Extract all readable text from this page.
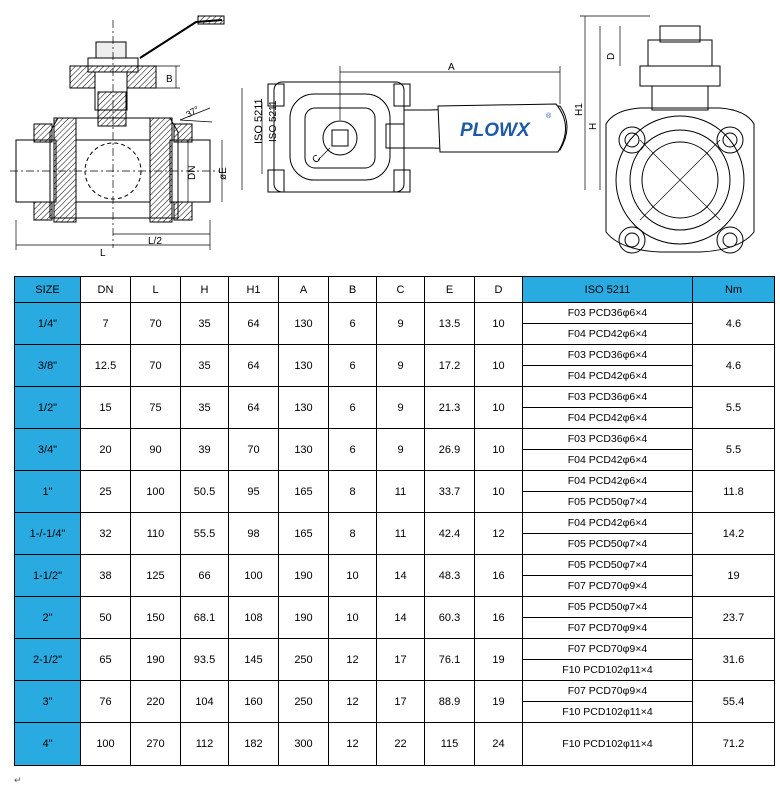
B
37°
DN øE
L
L/2
A
ISO 5211 ISO 5211
C
PLOWX
®
D
H1
H
SIZE	DN	L	H	H1	A	B	C	E	D	ISO 5211	Nm
1/4"	7	70	35	64	130	6	9	13.5	10	F03 PCD36φ6×4	4.6
										F04 PCD42φ6×4	
3/8"	12.5	70	35	64	130	6	9	17.2	10	F03 PCD36φ6×4	4.6
										F04 PCD42φ6×4	
1/2"	15	75	35	64	130	6	9	21.3	10	F03 PCD36φ6×4	5.5
										F04 PCD42φ6×4	
3/4"	20	90	39	70	130	6	9	26.9	10	F03 PCD36φ6×4	5.5
										F04 PCD42φ6×4	
1"	25	100	50.5	95	165	8	11	33.7	10	F04 PCD42φ6×4	11.8
										F05 PCD50φ7×4	
1-/-1/4"	32	110	55.5	98	165	8	11	42.4	12	F04 PCD42φ6×4	14.2
										F05 PCD50φ7×4	
1-1/2"	38	125	66	100	190	10	14	48.3	16	F05 PCD50φ7×4	19
										F07 PCD70φ9×4	
2"	50	150	68.1	108	190	10	14	60.3	16	F05 PCD50φ7×4	23.7
										F07 PCD70φ9×4	
2-1/2"	65	190	93.5	145	250	12	17	76.1	19	F07 PCD70φ9×4	31.6
										F10 PCD102φ11×4	
3"	76	220	104	160	250	12	17	88.9	19	F07 PCD70φ9×4	55.4
										F10 PCD102φ11×4	
4"	100	270	112	182	300	12	22	115	24	F10 PCD102φ11×4	71.2
↵
